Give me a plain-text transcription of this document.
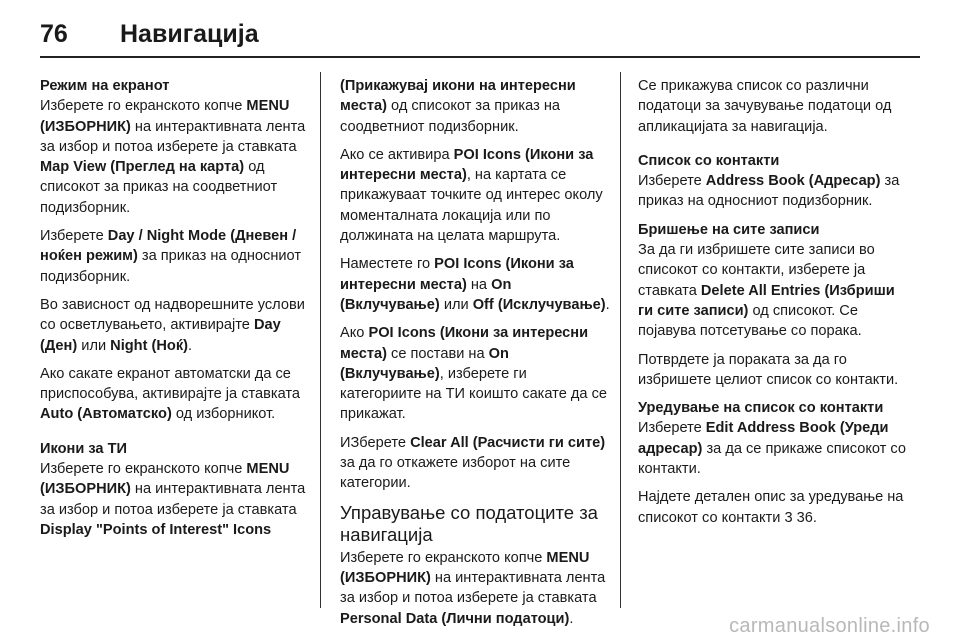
76	Навигација
Режим на екранот

Изберете го екранското копче MENU (ИЗБОРНИК) на интерактивната лента за избор и потоа изберете ја ставката Map View (Преглед на карта) од списокот за приказ на соодветниот подизборник.

Изберете Day / Night Mode (Дневен / ноќен режим) за приказ на односниот подизборник.

Во зависност од надворешните услови со осветлувањето, активирајте Day (Ден) или Night (Ноќ).

Ако сакате екранот автоматски да се приспособува, активирајте ја ставката Auto (Автоматско) од изборникот.

Икони за ТИ

Изберете го екранското копче MENU (ИЗБОРНИК) на интерактивната лента за избор и потоа изберете ја ставката Display "Points of Interest" Icons

(Прикажувај икони на интересни места) од списокот за приказ на соодветниот подизборник.

Ако се активира POI Icons (Икони за интересни места), на картата се прикажуваат точките од интерес околу моменталната локација или по должината на целата маршрута.

Наместете го POI Icons (Икони за интересни места) на On (Вклучување) или Off (Исклучување).

Ако POI Icons (Икони за интересни места) се постави на On (Вклучување), изберете ги категориите на ТИ коишто сакате да се прикажат.

ИЗберете Clear All (Расчисти ги сите) за да го откажете изборот на сите категории.

Управување со податоците за навигација

Изберете го екранското копче MENU (ИЗБОРНИК) на интерактивната лента за избор и потоа изберете ја ставката Personal Data (Лични податоци).

Се прикажува список со различни податоци за зачувување податоци од апликацијата за навигација.

Список со контакти

Изберете Address Book (Адресар) за приказ на односниот подизборник.

Бришење на сите записи

За да ги избришете сите записи во списокот со контакти, изберете ја ставката Delete All Entries (Избриши ги сите записи) од списокот. Се појавува потсетување со порака.

Потврдете ја пораката за да го избришете целиот список со контакти.

Уредување на список со контакти

Изберете Edit Address Book (Уреди адресар) за да се прикаже списокот со контакти.

Најдете детален опис за уредување на списокот со контакти 3 36.

carmanualsonline.info
